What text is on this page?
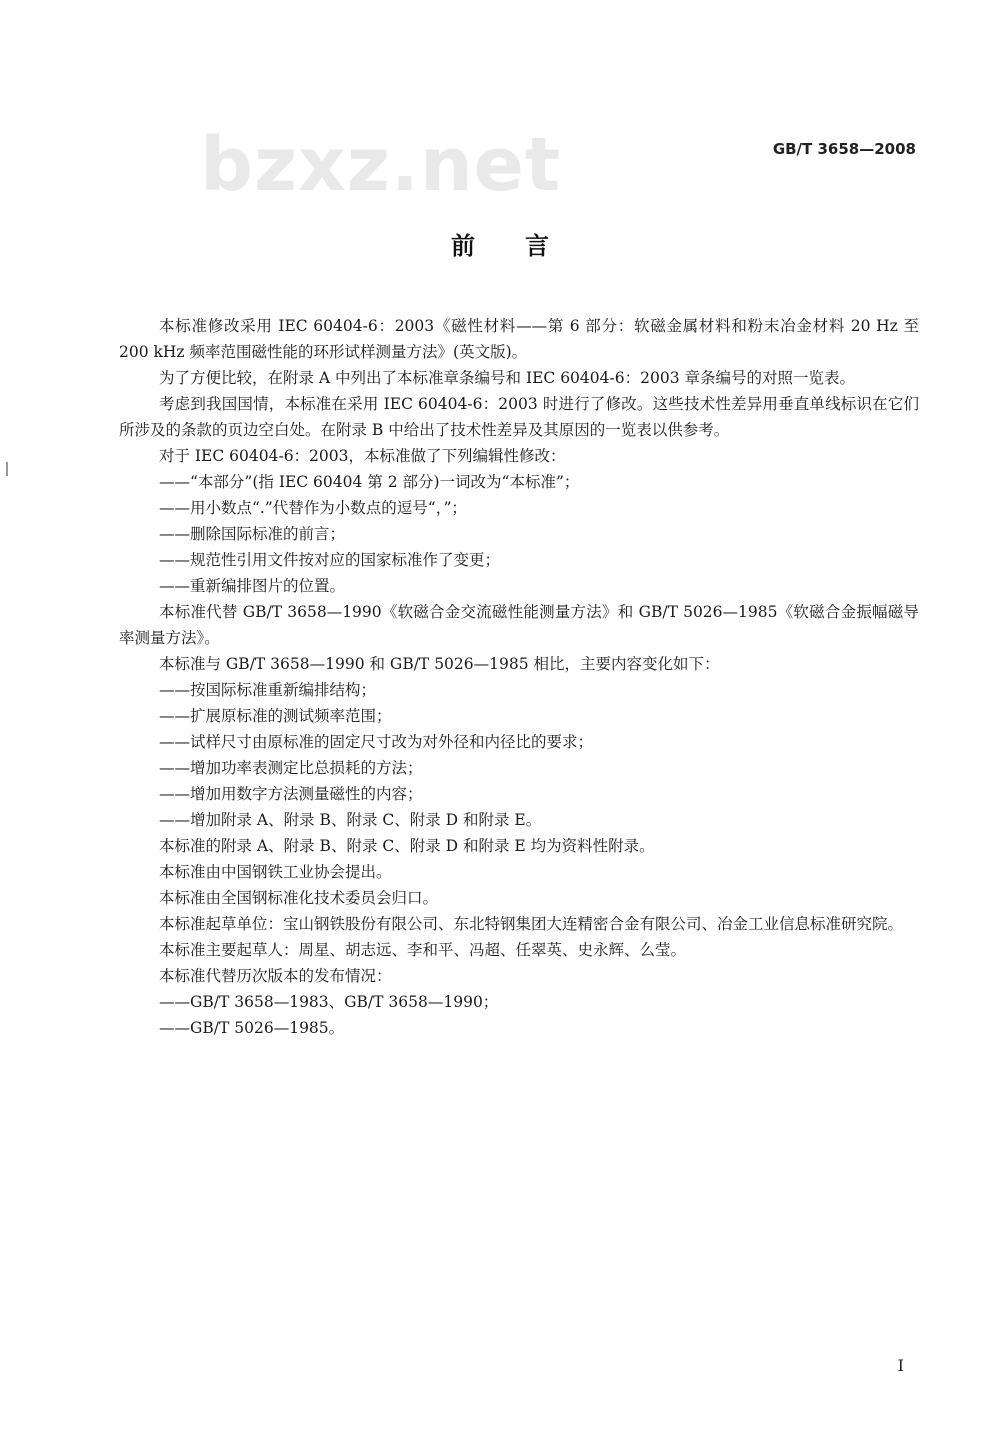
bzxz.net	GB/T 3658—2008
前言

本标准修改采用 IEC 60404-6：2003《磁性材料——第 6 部分：软磁金属材料和粉末冶金材料 20 Hz 至 200 kHz 频率范围磁性能的环形试样测量方法》(英文版)。

为了方便比较，在附录 A 中列出了本标准章条编号和 IEC 60404-6：2003 章条编号的对照一览表。

考虑到我国国情，本标准在采用 IEC 60404-6：2003 时进行了修改。这些技术性差异用垂直单线标识在它们所涉及的条款的页边空白处。在附录 B 中给出了技术性差异及其原因的一览表以供参考。

对于 IEC 60404-6：2003，本标准做了下列编辑性修改：

——“本部分”(指 IEC 60404 第 2 部分)一词改为“本标准”；

——用小数点“.”代替作为小数点的逗号“，”；

——删除国际标准的前言；

——规范性引用文件按对应的国家标准作了变更；

——重新编排图片的位置。

本标准代替 GB/T 3658—1990《软磁合金交流磁性能测量方法》和 GB/T 5026—1985《软磁合金振幅磁导率测量方法》。

本标准与 GB/T 3658—1990 和 GB/T 5026—1985 相比，主要内容变化如下：

——按国际标准重新编排结构；

——扩展原标准的测试频率范围；

——试样尺寸由原标准的固定尺寸改为对外径和内径比的要求；

——增加功率表测定比总损耗的方法；

——增加用数字方法测量磁性的内容；

——增加附录 A、附录 B、附录 C、附录 D 和附录 E。

本标准的附录 A、附录 B、附录 C、附录 D 和附录 E 均为资料性附录。

本标准由中国钢铁工业协会提出。

本标准由全国钢标准化技术委员会归口。

本标准起草单位：宝山钢铁股份有限公司、东北特钢集团大连精密合金有限公司、冶金工业信息标准研究院。

本标准主要起草人：周星、胡志远、李和平、冯超、任翠英、史永辉、么莹。

本标准代替历次版本的发布情况：

——GB/T 3658—1983、GB/T 3658—1990；

——GB/T 5026—1985。

I
